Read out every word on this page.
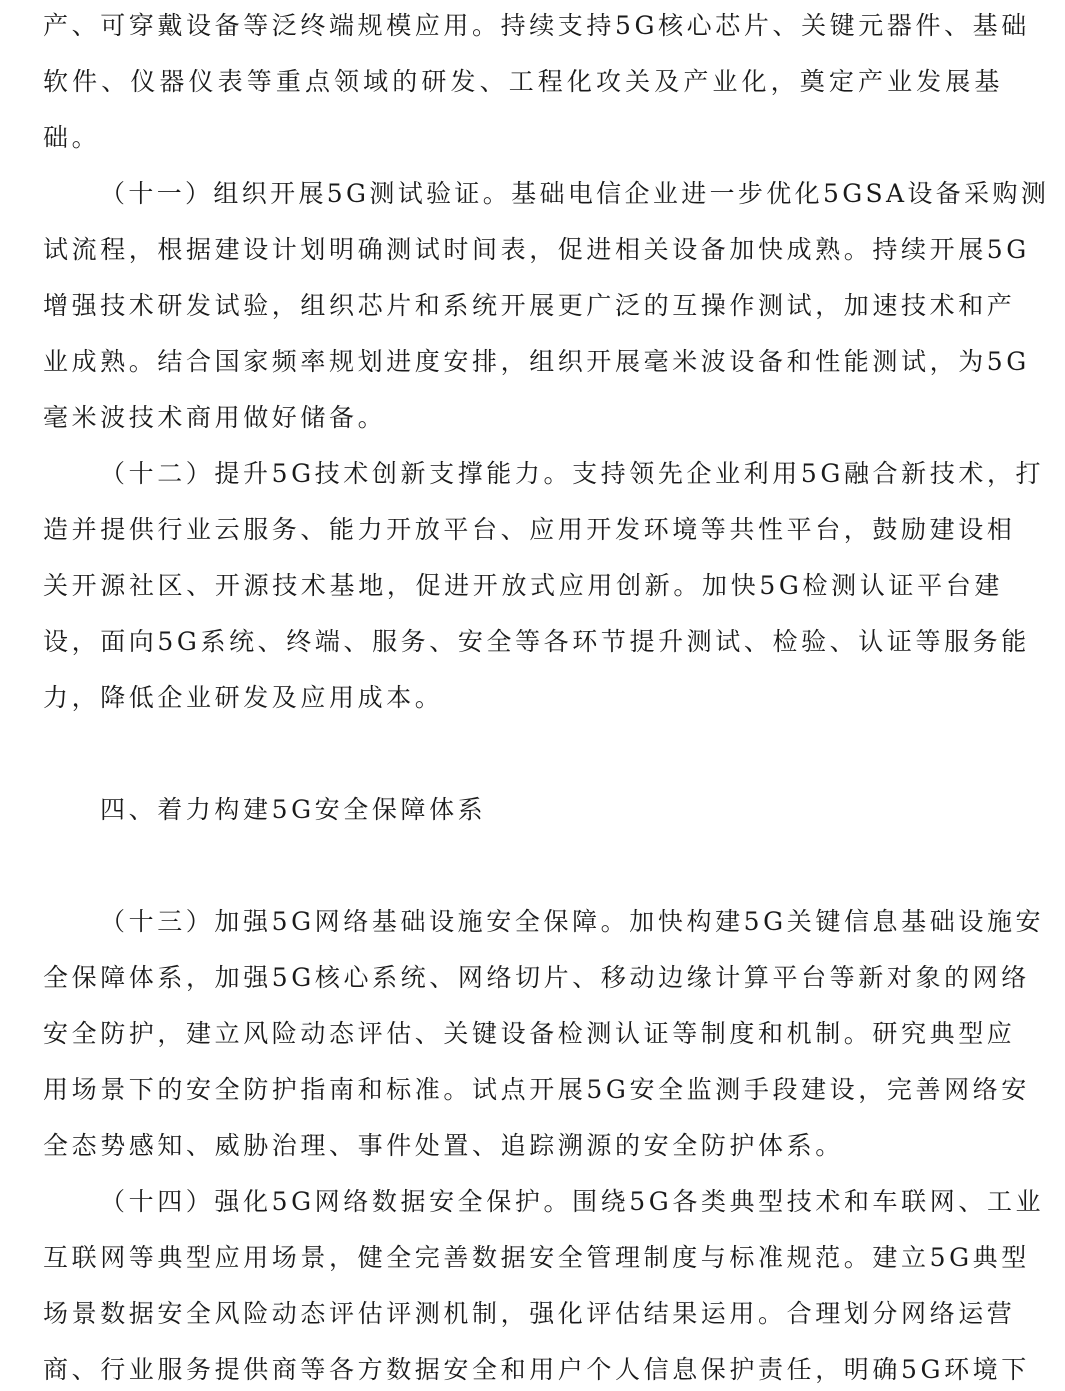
产、可穿戴设备等泛终端规模应用。持续支持5G核心芯片、关键元器件、基础
软件、仪器仪表等重点领域的研发、工程化攻关及产业化，奠定产业发展基
础。
（十一）组织开展5G测试验证。基础电信企业进一步优化5GSA设备采购测
试流程，根据建设计划明确测试时间表，促进相关设备加快成熟。持续开展5G
增强技术研发试验，组织芯片和系统开展更广泛的互操作测试，加速技术和产
业成熟。结合国家频率规划进度安排，组织开展毫米波设备和性能测试，为5G
毫米波技术商用做好储备。
（十二）提升5G技术创新支撑能力。支持领先企业利用5G融合新技术，打
造并提供行业云服务、能力开放平台、应用开发环境等共性平台，鼓励建设相
关开源社区、开源技术基地，促进开放式应用创新。加快5G检测认证平台建
设，面向5G系统、终端、服务、安全等各环节提升测试、检验、认证等服务能
力，降低企业研发及应用成本。
四、着力构建5G安全保障体系
（十三）加强5G网络基础设施安全保障。加快构建5G关键信息基础设施安
全保障体系，加强5G核心系统、网络切片、移动边缘计算平台等新对象的网络
安全防护，建立风险动态评估、关键设备检测认证等制度和机制。研究典型应
用场景下的安全防护指南和标准。试点开展5G安全监测手段建设，完善网络安
全态势感知、威胁治理、事件处置、追踪溯源的安全防护体系。
（十四）强化5G网络数据安全保护。围绕5G各类典型技术和车联网、工业
互联网等典型应用场景，健全完善数据安全管理制度与标准规范。建立5G典型
场景数据安全风险动态评估评测机制，强化评估结果运用。合理划分网络运营
商、行业服务提供商等各方数据安全和用户个人信息保护责任，明确5G环境下
